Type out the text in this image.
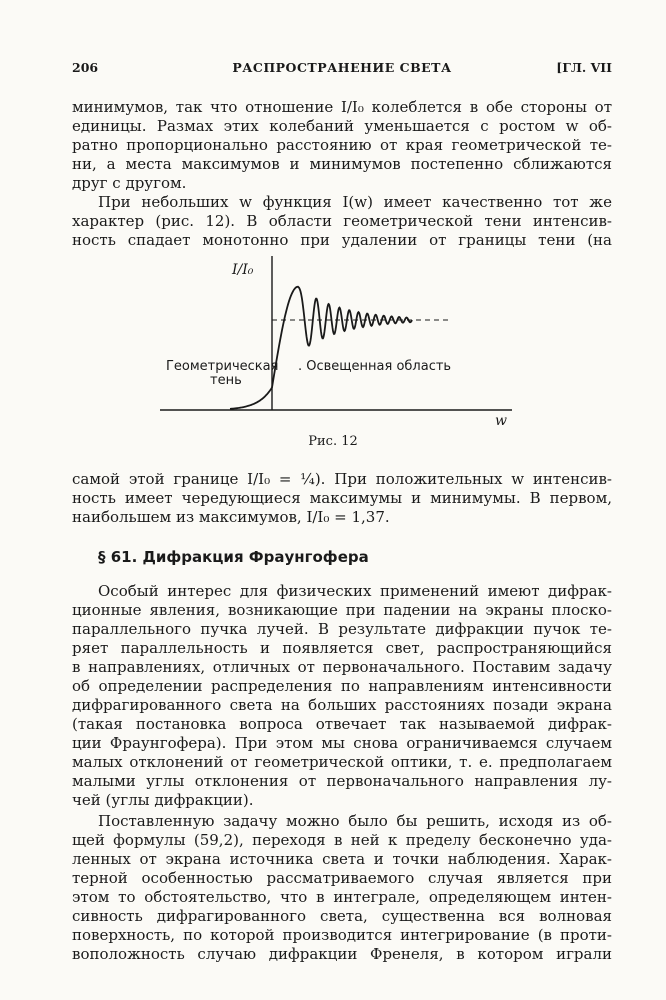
206	РАСПРОСТРАНЕНИЕ СВЕТА	[ГЛ. VII

минимумов, так что отношение I/I₀ колеблется в обе стороны от
единицы. Размах этих колебаний уменьшается с ростом w об-
ратно пропорционально расстоянию от края геометрической те-
ни, а места максимумов и минимумов постепенно сближаются
друг с другом.

При небольших w функция I(w) имеет качественно тот же
характер (рис. 12). В области геометрической тени интенсив-
ность спадает монотонно при удалении от границы тени (на

I/I₀
w
Геометрическая
тень
. Освещенная область
Рис. 12

самой этой границе I/I₀ = ¼). При положительных w интенсив-
ность имеет чередующиеся максимумы и минимумы. В первом,
наибольшем из максимумов, I/I₀ = 1,37.

§ 61. Дифракция Фраунгофера

Особый интерес для физических применений имеют дифрак-
ционные явления, возникающие при падении на экраны плоско-
параллельного пучка лучей. В результате дифракции пучок те-
ряет параллельность и появляется свет, распространяющийся
в направлениях, отличных от первоначального. Поставим задачу
об определении распределения по направлениям интенсивности
дифрагированного света на больших расстояниях позади экрана
(такая постановка вопроса отвечает так называемой дифрак-
ции Фраунгофера). При этом мы снова ограничиваемся случаем
малых отклонений от геометрической оптики, т. е. предполагаем
малыми углы отклонения от первоначального направления лу-
чей (углы дифракции).

Поставленную задачу можно было бы решить, исходя из об-
щей формулы (59,2), переходя в ней к пределу бесконечно уда-
ленных от экрана источника света и точки наблюдения. Харак-
терной особенностью рассматриваемого случая является при
этом то обстоятельство, что в интеграле, определяющем интен-
сивность дифрагированного света, существенна вся волновая
поверхность, по которой производится интегрирование (в проти-
воположность случаю дифракции Френеля, в котором играли
